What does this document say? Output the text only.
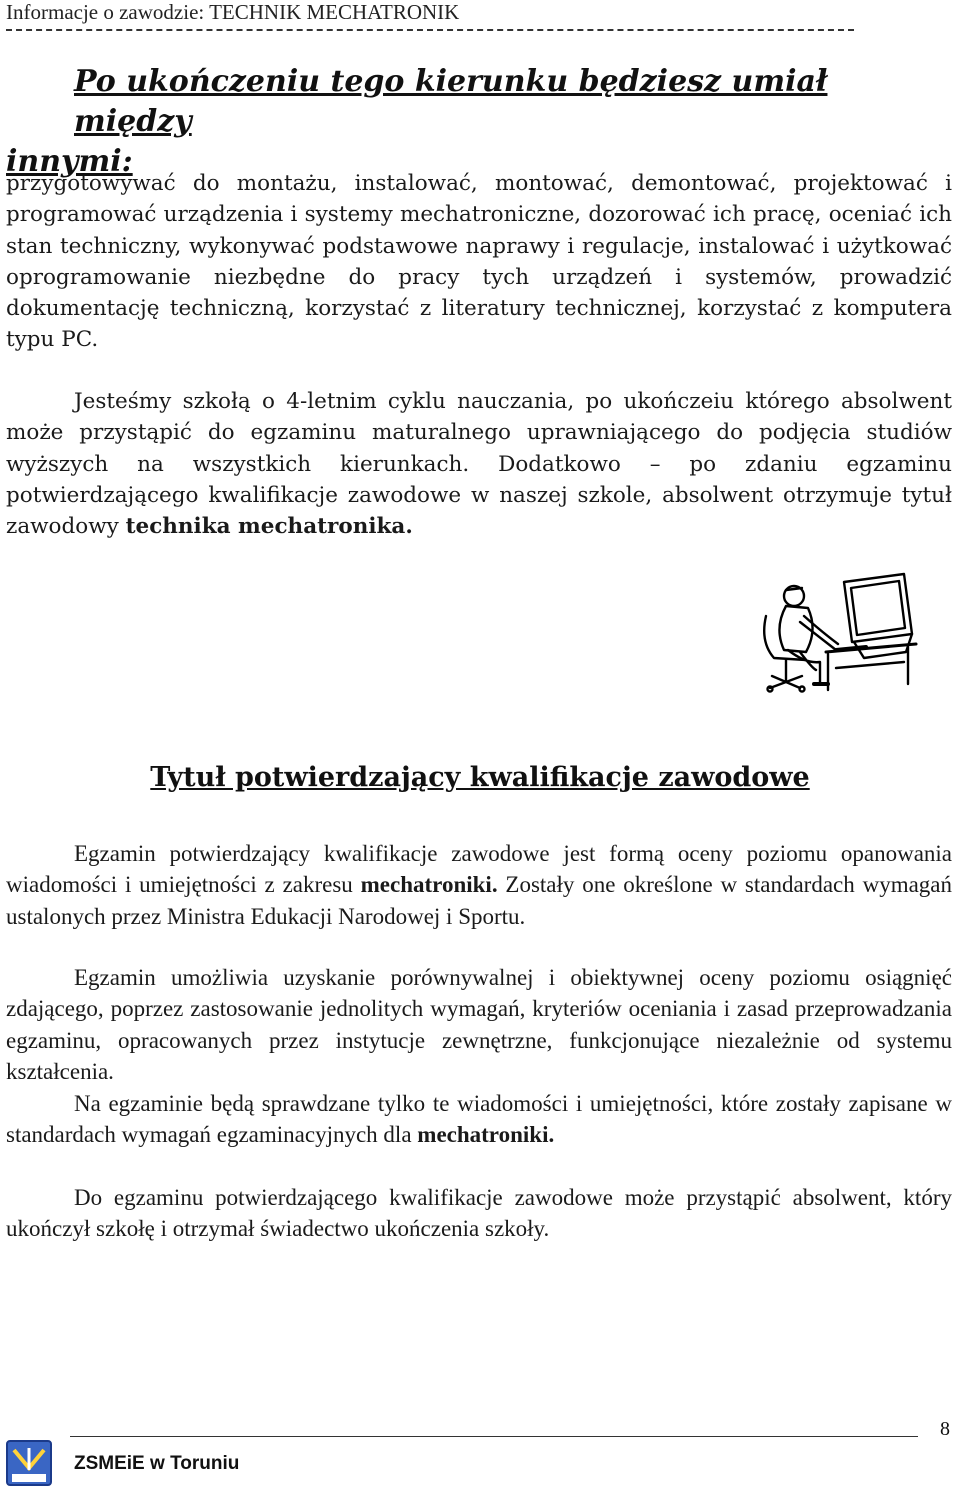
Informacje o zawodzie: TECHNIK MECHATRONIK
Po ukończeniu tego kierunku będziesz umiał między
innymi:
przygotowywać do montażu, instalować, montować, demontować, projektować i programować urządzenia i systemy mechatroniczne, dozorować ich pracę, oceniać ich stan techniczny, wykonywać podstawowe naprawy i regulacje, instalować i użytkować oprogramowanie niezbędne do pracy tych urządzeń i systemów, prowadzić dokumentację techniczną, korzystać z literatury technicznej, korzystać z komputera typu PC.
Jesteśmy szkołą o 4-letnim cyklu nauczania, po ukończeiu którego absolwent może przystąpić do egzaminu maturalnego uprawniającego do podjęcia studiów wyższych na wszystkich kierunkach. Dodatkowo – po zdaniu egzaminu potwierdzającego kwalifikacje zawodowe w naszej szkole, absolwent otrzymuje tytuł zawodowy technika mechatronika.
Tytuł potwierdzający kwalifikacje zawodowe
Egzamin potwierdzający kwalifikacje zawodowe jest formą oceny poziomu opanowania wiadomości i umiejętności z zakresu mechatroniki. Zostały one określone w standardach wymagań ustalonych przez Ministra Edukacji Narodowej i Sportu.
Egzamin umożliwia uzyskanie porównywalnej i obiektywnej oceny poziomu osiągnięć zdającego, poprzez zastosowanie jednolitych wymagań, kryteriów oceniania i zasad przeprowadzania egzaminu, opracowanych przez instytucje zewnętrzne, funkcjonujące niezależnie od systemu kształcenia.
Na egzaminie będą sprawdzane tylko te wiadomości i umiejętności, które zostały zapisane w standardach wymagań egzaminacyjnych dla mechatroniki.
Do egzaminu potwierdzającego kwalifikacje zawodowe może przystąpić absolwent, który ukończył szkołę i otrzymał świadectwo ukończenia szkoły.
8
ZSMEiE w Toruniu
